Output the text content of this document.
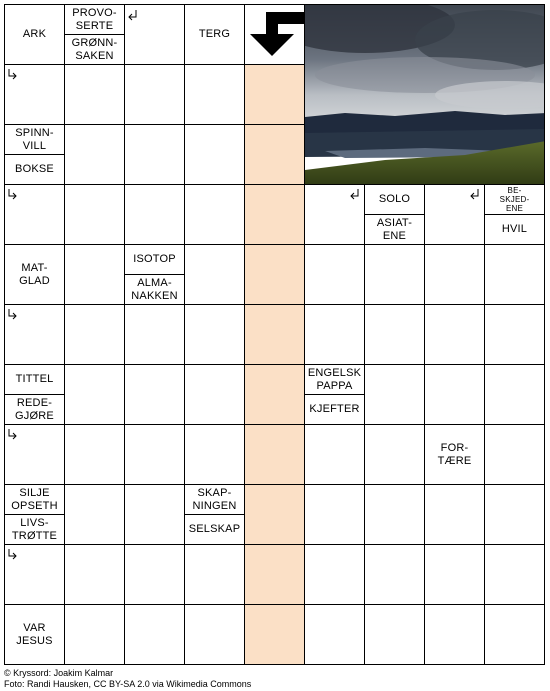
ARK
PROVO-
SERTE
GRØNN-
SAKEN
TERG
SPINN-
VILL
BOKSE
SOLO
ASIAT-
ENE
BE-
SKJED-
ENE
HVIL
MAT-
GLAD
ISOTOP
ALMA-
NAKKEN
TITTEL
REDE-
GJØRE
ENGELSK
PAPPA
KJEFTER
FOR-
TÆRE
SILJE
OPSETH
LIVS-
TRØTTE
SKAP-
NINGEN
SELSKAP
VAR
JESUS
© Kryssord: Joakim Kalmar
Foto: Randi Hausken, CC BY-SA 2.0 via Wikimedia Commons
